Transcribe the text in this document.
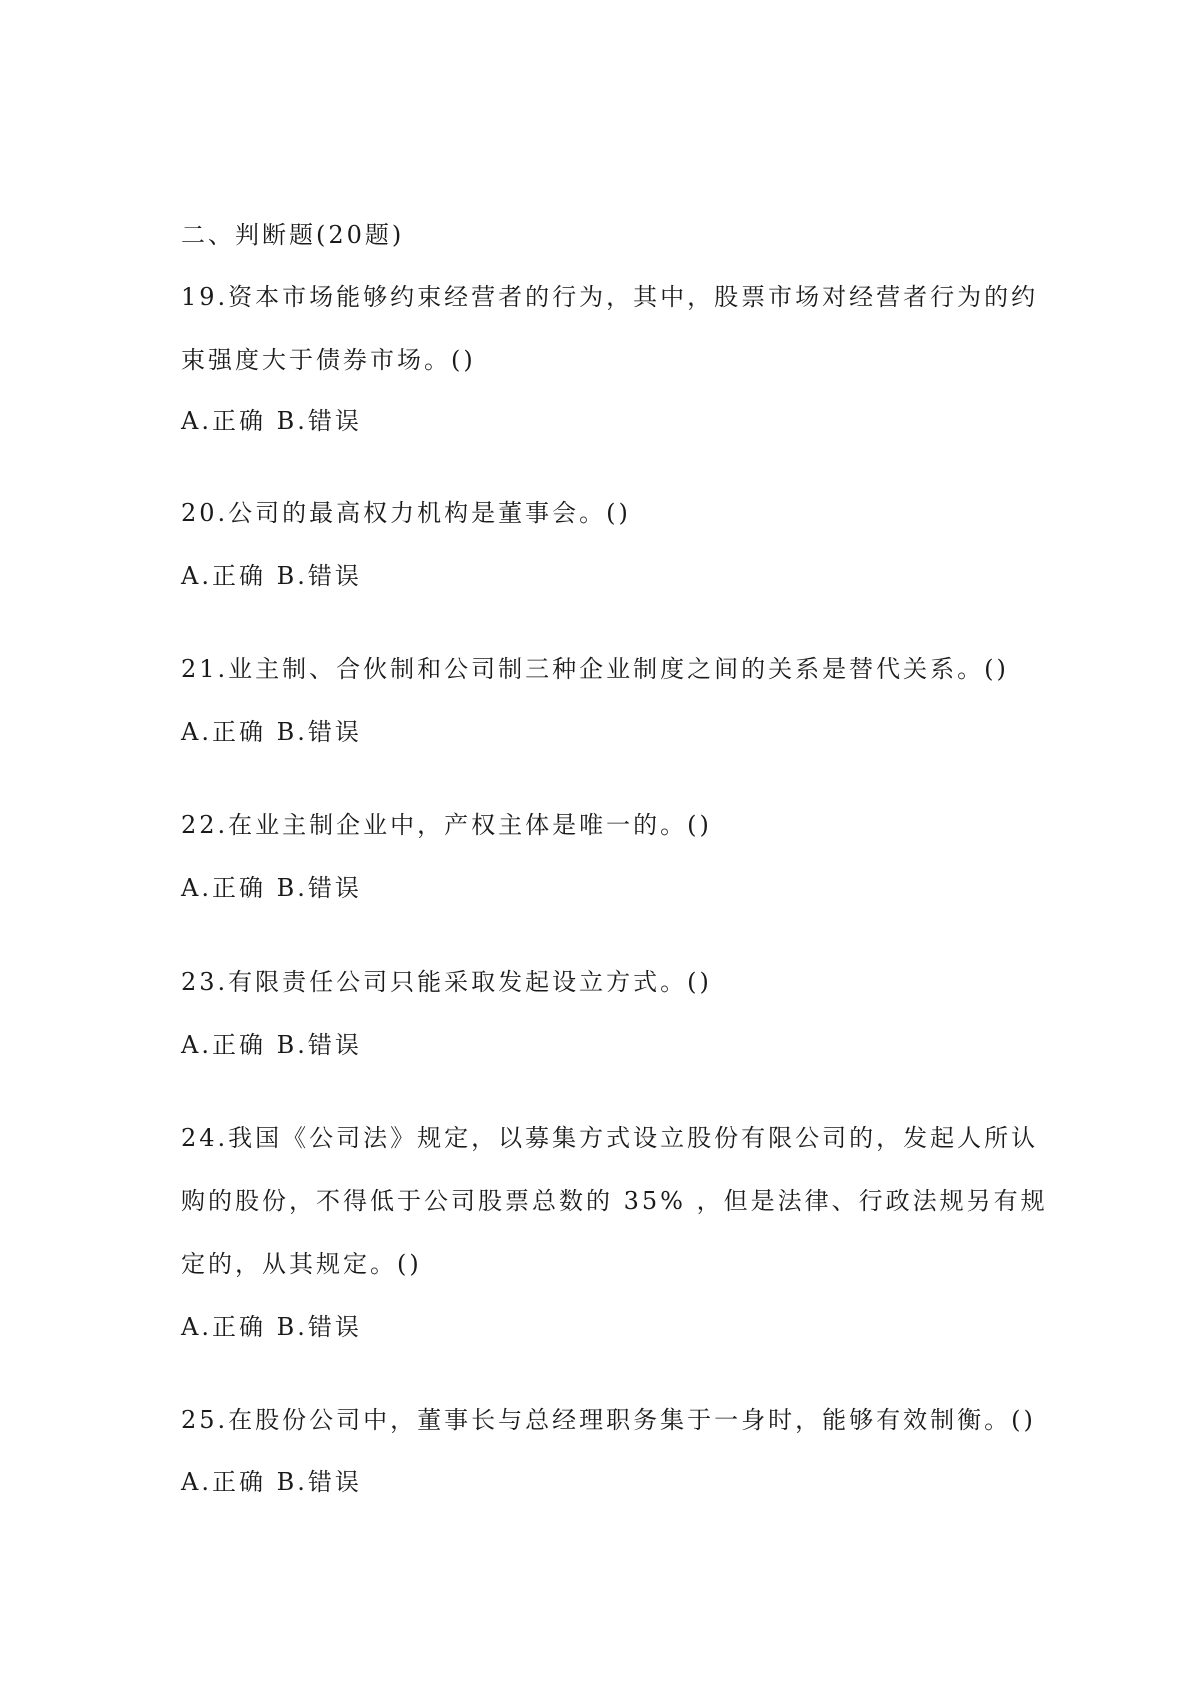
二、判断题(20题)
19.资本市场能够约束经营者的行为，其中，股票市场对经营者行为的约
束强度大于债券市场。()
A.正确 B.错误
20.公司的最高权力机构是董事会。()
A.正确 B.错误
21.业主制、合伙制和公司制三种企业制度之间的关系是替代关系。()
A.正确 B.错误
22.在业主制企业中，产权主体是唯一的。()
A.正确 B.错误
23.有限责任公司只能采取发起设立方式。()
A.正确 B.错误
24.我国《公司法》规定，以募集方式设立股份有限公司的，发起人所认
购的股份，不得低于公司股票总数的 35% ，但是法律、行政法规另有规
定的，从其规定。()
A.正确 B.错误
25.在股份公司中，董事长与总经理职务集于一身时，能够有效制衡。()
A.正确 B.错误
